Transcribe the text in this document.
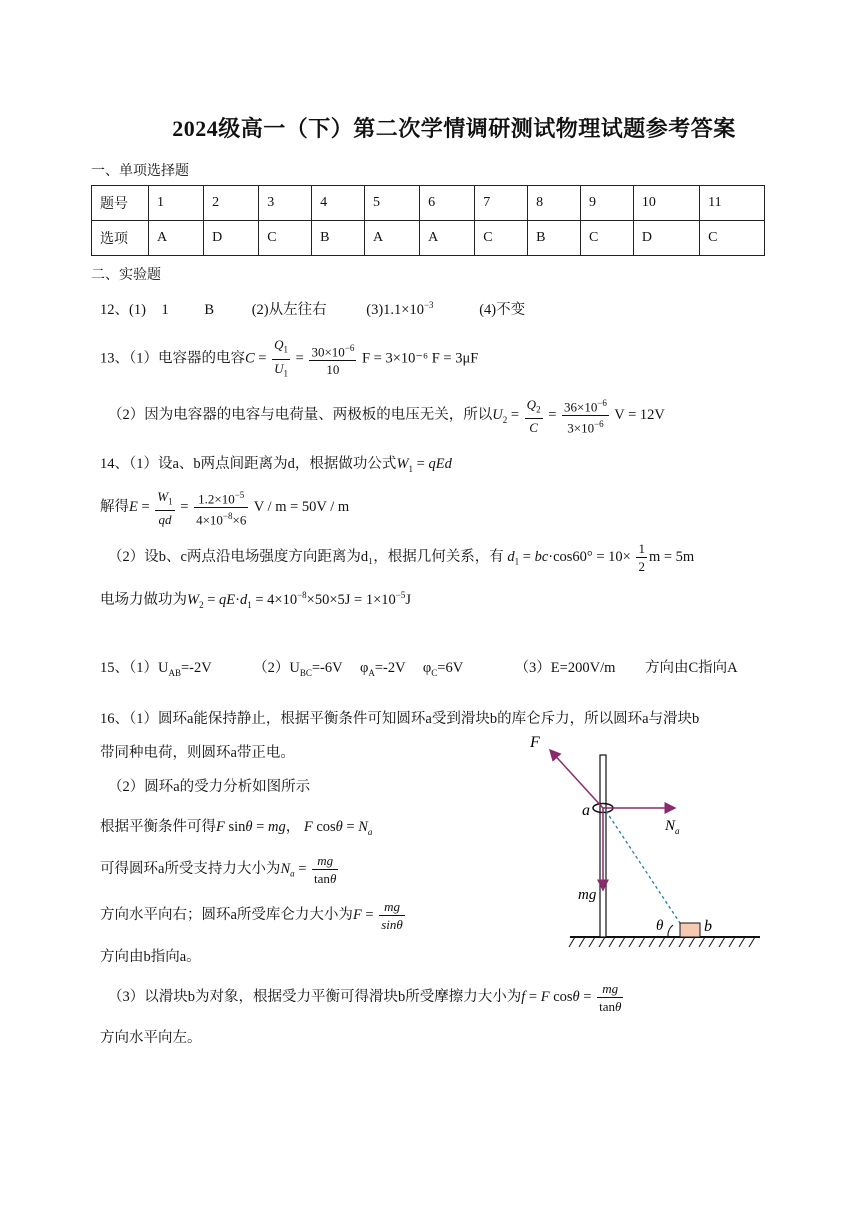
2024级高一（下）第二次学情调研测试物理试题参考答案
一、单项选择题
题号	1	2	3	4	5	6	7	8	9	10	11
选项	A	D	C	B	A	A	C	B	C	D	C
二、实验题
12、(1) 1 B	(2)从左往右	$(3)1.1\times 10^{-3}$	(4)不变
13、（1）电容器的电容$C = \frac{Q_1}{U_1} = \frac{30\times 10^{-6}}{10}$ F = 3×10⁻⁶ F = 3μF
（2）因为电容器的电容与电荷量、两极板的电压无关，所以$U_2 = \frac{Q_2}{C} = \frac{36\times 10^{-6}}{3\times 10^{-6}}$ V = 12V
14、（1）设a、b两点间距离为d，根据做功公式$W_1$ = qEd
解得$E = \frac{W_1}{qd} = \frac{1.2\times 10^{-5}}{4\times 10^{-8}\times 6}$ V / m = 50V / m
（2）设b、c两点沿电场强度方向距离为d₁，根据几何关系，有 $d_1 = bc\cdot\cos 60^\circ = 10\times \frac{1}{2}$ m = 5m
电场力做功为$W_2 = qE\cdot d_1 = 4\times 10^{-8}\times 50\times 5J = 1\times 10^{-5}J$
15、$(1)U_{AB}=-2V$	$(2)U_{BC}=-6V$ $\varphi_A=-2V$ $\varphi_C=6V$	（3）E=200V/m 方向由C指向A
16、（1）圆环a能保持静止，根据平衡条件可知圆环a受到滑块b的库仑斥力，所以圆环a与滑块b
带同种电荷，则圆环a带正电。
（2）圆环a的受力分析如图所示
根据平衡条件可得F sinθ = mg， F $\cos\theta = N_a$
可得圆环a所受支持力大小为$N_a = \frac{mg}{\tan\theta}$
方向水平向右；圆环a所受库仑力大小为$F = \frac{mg}{\sin\theta}$
方向由b指向a。
（3）以滑块b为对象，根据受力平衡可得滑块b所受摩擦力大小为f = F $\cos\theta = \frac{mg}{\tan\theta}$
方向水平向左。
F
a
$N_a$
mg
θ	b
